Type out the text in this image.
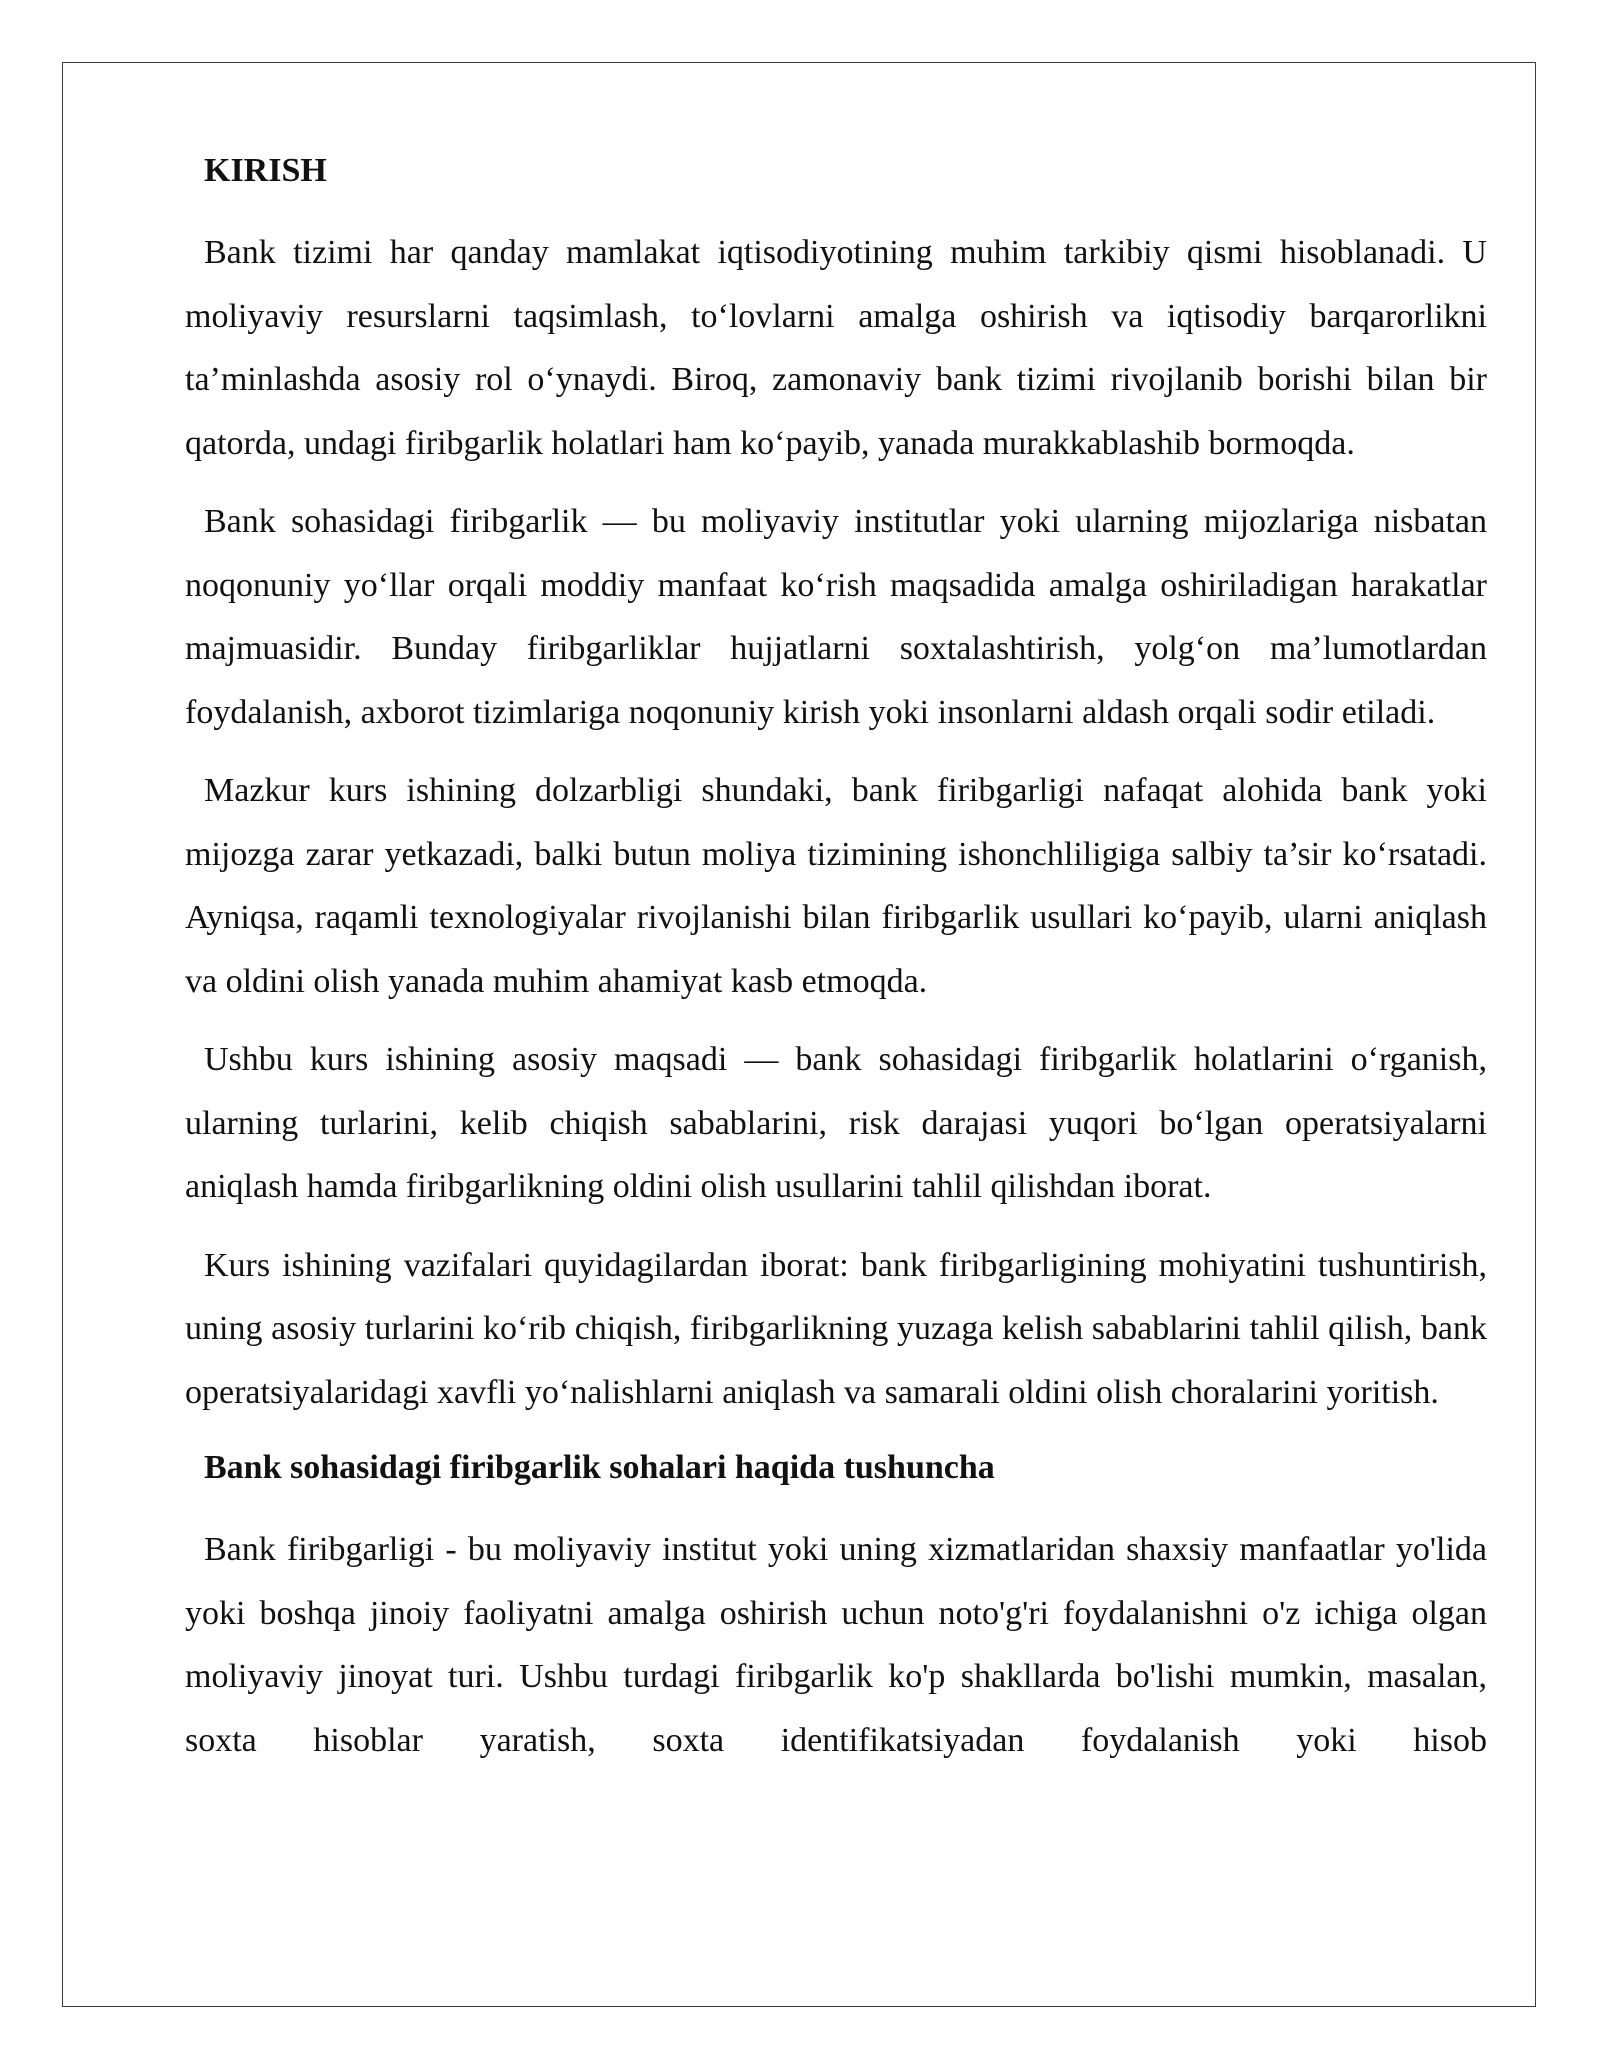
KIRISH

Bank tizimi har qanday mamlakat iqtisodiyotining muhim tarkibiy qismi hisoblanadi. U moliyaviy resurslarni taqsimlash, to‘lovlarni amalga oshirish va iqtisodiy barqarorlikni ta’minlashda asosiy rol o‘ynaydi. Biroq, zamonaviy bank tizimi rivojlanib borishi bilan bir qatorda, undagi firibgarlik holatlari ham ko‘payib, yanada murakkablashib bormoqda.

Bank sohasidagi firibgarlik — bu moliyaviy institutlar yoki ularning mijozlariga nisbatan noqonuniy yo‘llar orqali moddiy manfaat ko‘rish maqsadida amalga oshiriladigan harakatlar majmuasidir. Bunday firibgarliklar hujjatlarni soxtalashtirish, yolg‘on ma’lumotlardan foydalanish, axborot tizimlariga noqonuniy kirish yoki insonlarni aldash orqali sodir etiladi.

Mazkur kurs ishining dolzarbligi shundaki, bank firibgarligi nafaqat alohida bank yoki mijozga zarar yetkazadi, balki butun moliya tizimining ishonchliligiga salbiy ta’sir ko‘rsatadi. Ayniqsa, raqamli texnologiyalar rivojlanishi bilan firibgarlik usullari ko‘payib, ularni aniqlash va oldini olish yanada muhim ahamiyat kasb etmoqda.

Ushbu kurs ishining asosiy maqsadi — bank sohasidagi firibgarlik holatlarini o‘rganish, ularning turlarini, kelib chiqish sabablarini, risk darajasi yuqori bo‘lgan operatsiyalarni aniqlash hamda firibgarlikning oldini olish usullarini tahlil qilishdan iborat.

Kurs ishining vazifalari quyidagilardan iborat: bank firibgarligining mohiyatini tushuntirish, uning asosiy turlarini ko‘rib chiqish, firibgarlikning yuzaga kelish sabablarini tahlil qilish, bank operatsiyalaridagi xavfli yo‘nalishlarni aniqlash va samarali oldini olish choralarini yoritish.

Bank sohasidagi firibgarlik sohalari haqida tushuncha

Bank firibgarligi - bu moliyaviy institut yoki uning xizmatlaridan shaxsiy manfaatlar yo'lida yoki boshqa jinoiy faoliyatni amalga oshirish uchun noto'g'ri foydalanishni o'z ichiga olgan moliyaviy jinoyat turi. Ushbu turdagi firibgarlik ko'p shakllarda bo'lishi mumkin, masalan, soxta hisoblar yaratish, soxta identifikatsiyadan foydalanish yoki hisob
